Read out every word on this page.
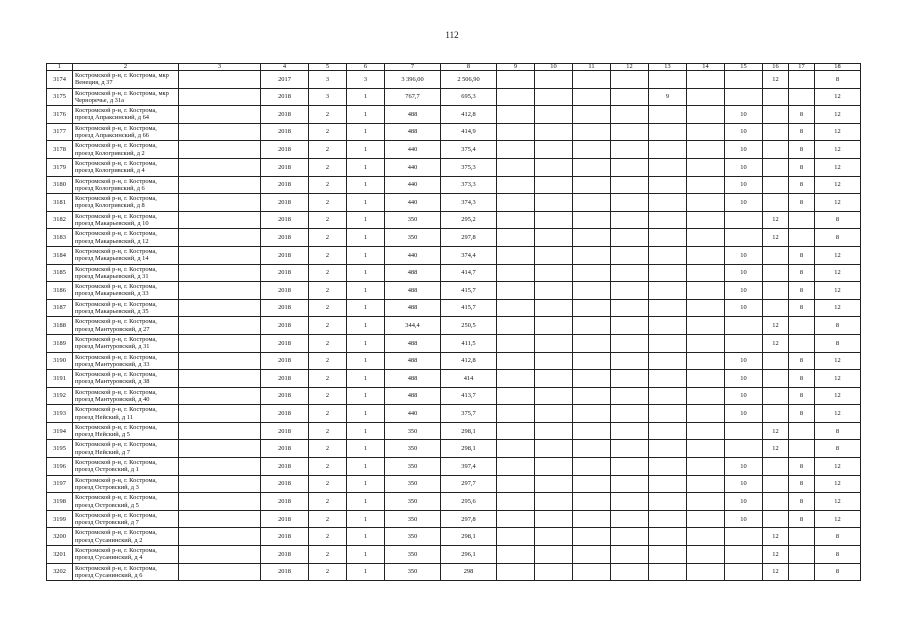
112
1	2	3	4	5	6	7	8	9	10	11	12	13	14	15	16	17	18
3174	Костромской р-н, г. Кострома, мкр Венеция, д 37		2017	3	3	3 396,00	2 506,90								12		8
3175	Костромской р-н, г. Кострома, мкр Черноречье, д 31а		2018	3	1	767,7	695,3					9					12
3176	Костромской р-н, г. Кострома, проезд Апраксинский, д 64		2018	2	1	488	412,8							10		8	12
3177	Костромской р-н, г. Кострома, проезд Апраксинский, д 66		2018	2	1	488	414,9							10		8	12
3178	Костромской р-н, г. Кострома, проезд Кологривский, д 2		2018	2	1	440	375,4							10		8	12
3179	Костромской р-н, г. Кострома, проезд Кологривский, д 4		2018	2	1	440	375,3							10		8	12
3180	Костромской р-н, г. Кострома, проезд Кологривский, д 6		2018	2	1	440	373,3							10		8	12
3181	Костромской р-н, г. Кострома, проезд Кологривский, д 8		2018	2	1	440	374,3							10		8	12
3182	Костромской р-н, г. Кострома, проезд Макарьевский, д 10		2018	2	1	350	295,2								12		8
3183	Костромской р-н, г. Кострома, проезд Макарьевский, д 12		2018	2	1	350	297,8								12		8
3184	Костромской р-н, г. Кострома, проезд Макарьевский, д 14		2018	2	1	440	374,4							10		8	12
3185	Костромской р-н, г. Кострома, проезд Макарьевский, д 31		2018	2	1	488	414,7							10		8	12
3186	Костромской р-н, г. Кострома, проезд Макарьевский, д 33		2018	2	1	488	415,7							10		8	12
3187	Костромской р-н, г. Кострома, проезд Макарьевский, д 35		2018	2	1	488	415,7							10		8	12
3188	Костромской р-н, г. Кострома, проезд Мантуровский, д 27		2018	2	1	344,4	250,5								12		8
3189	Костромской р-н, г. Кострома, проезд Мантуровский, д 31		2018	2	1	488	411,5								12		8
3190	Костромской р-н, г. Кострома, проезд Мантуровский, д 33		2018	2	1	488	412,8							10		8	12
3191	Костромской р-н, г. Кострома, проезд Мантуровский, д 38		2018	2	1	488	414							10		8	12
3192	Костромской р-н, г. Кострома, проезд Мантуровский, д 40		2018	2	1	488	413,7							10		8	12
3193	Костромской р-н, г. Кострома, проезд Нейский, д 11		2018	2	1	440	375,7							10		8	12
3194	Костромской р-н, г. Кострома, проезд Нейский, д 5		2018	2	1	350	298,1								12		8
3195	Костромской р-н, г. Кострома, проезд Нейский, д 7		2018	2	1	350	298,1								12		8
3196	Костромской р-н, г. Кострома, проезд Островский, д 1		2018	2	1	350	397,4							10		8	12
3197	Костромской р-н, г. Кострома, проезд Островский, д 3		2018	2	1	350	297,7							10		8	12
3198	Костромской р-н, г. Кострома, проезд Островский, д 5		2018	2	1	350	295,6							10		8	12
3199	Костромской р-н, г. Кострома, проезд Островский, д 7		2018	2	1	350	297,8							10		8	12
3200	Костромской р-н, г. Кострома, проезд Сусанинский, д 2		2018	2	1	350	298,1								12		8
3201	Костромской р-н, г. Кострома, проезд Сусанинский, д 4		2018	2	1	350	296,1								12		8
3202	Костромской р-н, г. Кострома, проезд Сусанинский, д 6		2018	2	1	350	298								12		8
